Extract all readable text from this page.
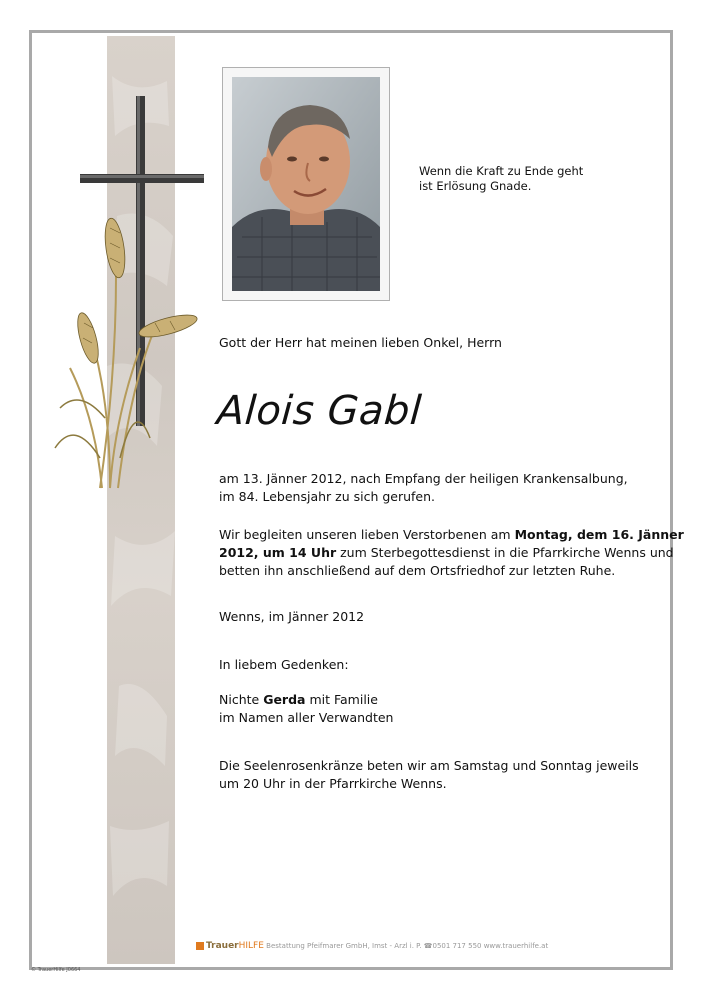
Wenn die Kraft zu Ende geht
ist Erlösung Gnade.
Gott der Herr hat meinen lieben Onkel, Herrn
Alois Gabl
am 13. Jänner 2012, nach Empfang der heiligen Krankensalbung,
im 84. Lebensjahr zu sich gerufen.
Wir begleiten unseren lieben Verstorbenen am Montag, dem 16. Jänner
2012, um 14 Uhr zum Sterbegottesdienst in die Pfarrkirche Wenns und
betten ihn anschließend auf dem Ortsfriedhof zur letzten Ruhe.
Wenns, im Jänner 2012
In liebem Gedenken:
Nichte Gerda mit Familie
im Namen aller Verwandten
Die Seelenrosenkränze beten wir am Samstag und Sonntag jeweils
um 20 Uhr in der Pfarrkirche Wenns.
TrauerHILFE Bestattung Pfeifmarer GmbH, Imst - Arzl i. P. ☎0501 717 550 www.trauerhilfe.at
© TrauerHilfe J0664
